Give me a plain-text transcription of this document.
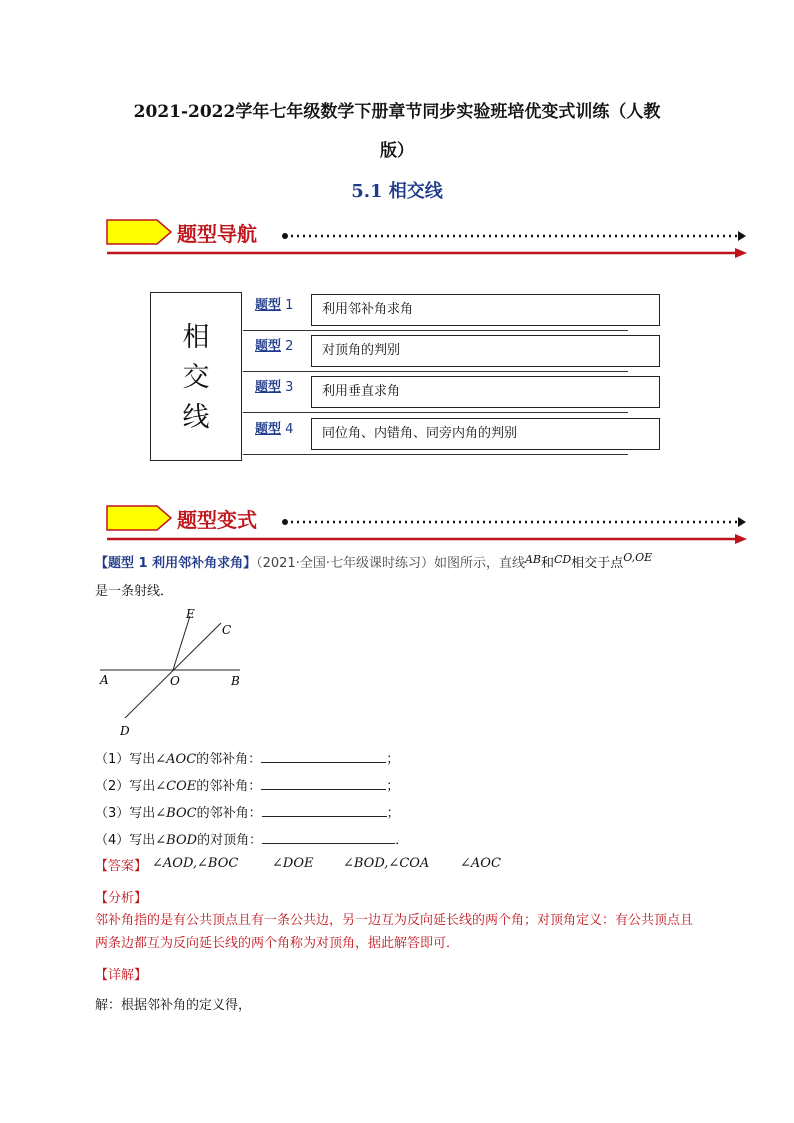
2021-2022学年七年级数学下册章节同步实验班培优变式训练（人教
版）
5.1 相交线
题型导航
相
交
线
题型 1	利用邻补角求角
题型 2	对顶角的判别
题型 3	利用垂直求角
题型 4	同位角、内错角、同旁内角的判别
题型变式
【题型 1 利用邻补角求角】（2021·全国·七年级课时练习）如图所示，直线$^{AB}$和$^{CD}$相交于点$^{O,OE}$
是一条射线．
E
C
A	O	B
D
（1）写出∠AOC的邻补角：	；
（2）写出∠COE的邻补角：	；
（3）写出∠BOC的邻补角：	；
（4）写出∠BOD的对顶角：	．
【答案】 ∠AOD,∠BOC	∠DOE ∠BOD,∠COA ∠AOC
【分析】
邻补角指的是有公共顶点且有一条公共边，另一边互为反向延长线的两个角；对顶角定义：有公共顶点且两条边都互为反向延长线的两个角称为对顶角，据此解答即可．
【详解】
解：根据邻补角的定义得，
